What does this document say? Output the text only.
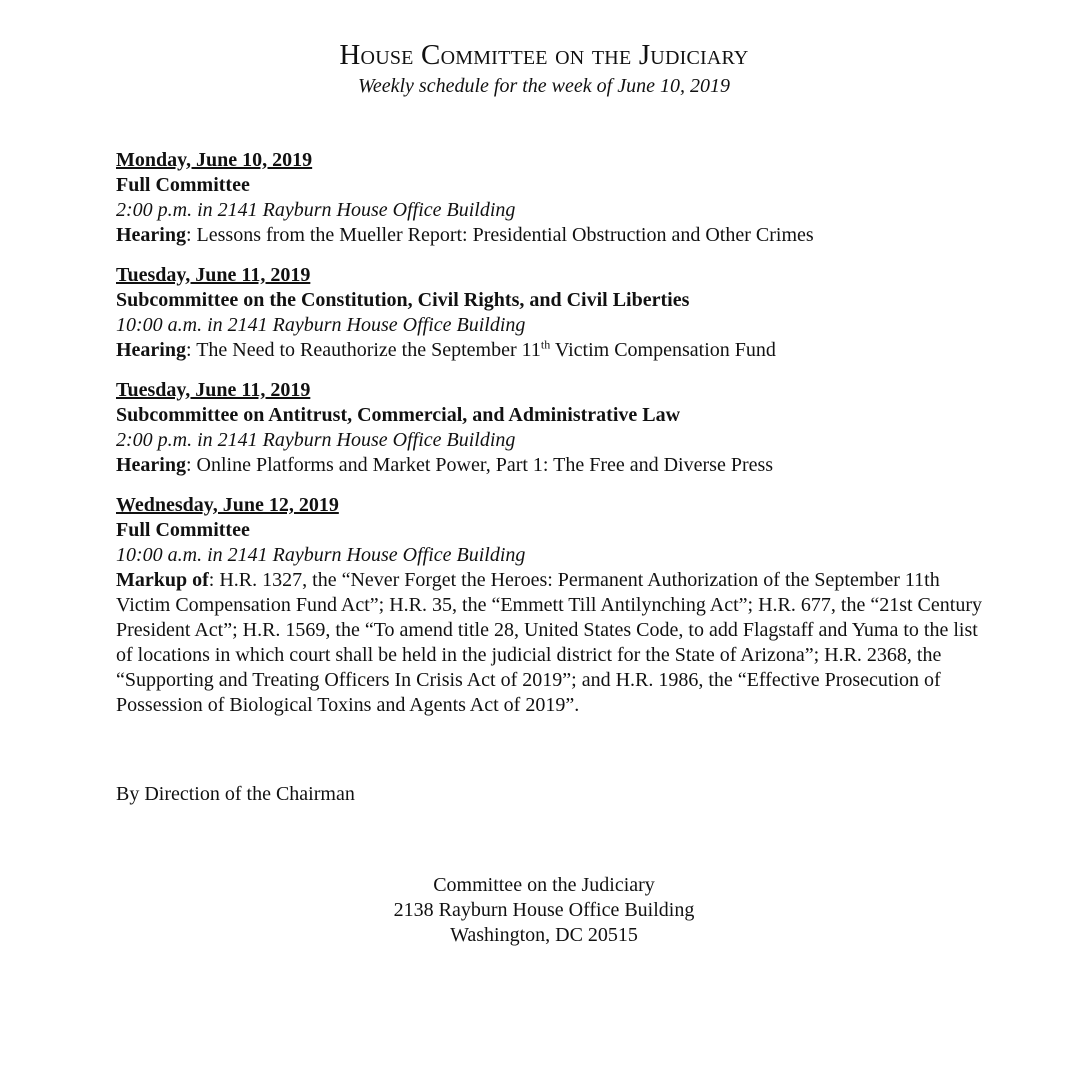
House Committee on the Judiciary
Weekly schedule for the week of June 10, 2019
Monday, June 10, 2019
Full Committee
2:00 p.m. in 2141 Rayburn House Office Building
Hearing: Lessons from the Mueller Report: Presidential Obstruction and Other Crimes
Tuesday, June 11, 2019
Subcommittee on the Constitution, Civil Rights, and Civil Liberties
10:00 a.m. in 2141 Rayburn House Office Building
Hearing: The Need to Reauthorize the September 11th Victim Compensation Fund
Tuesday, June 11, 2019
Subcommittee on Antitrust, Commercial, and Administrative Law
2:00 p.m. in 2141 Rayburn House Office Building
Hearing: Online Platforms and Market Power, Part 1: The Free and Diverse Press
Wednesday, June 12, 2019
Full Committee
10:00 a.m. in 2141 Rayburn House Office Building
Markup of: H.R. 1327, the “Never Forget the Heroes: Permanent Authorization of the September 11th Victim Compensation Fund Act”; H.R. 35, the “Emmett Till Antilynching Act”; H.R. 677, the “21st Century President Act”; H.R. 1569, the “To amend title 28, United States Code, to add Flagstaff and Yuma to the list of locations in which court shall be held in the judicial district for the State of Arizona”; H.R. 2368, the “Supporting and Treating Officers In Crisis Act of 2019”; and H.R. 1986, the “Effective Prosecution of Possession of Biological Toxins and Agents Act of 2019”.
By Direction of the Chairman
Committee on the Judiciary
2138 Rayburn House Office Building
Washington, DC 20515
